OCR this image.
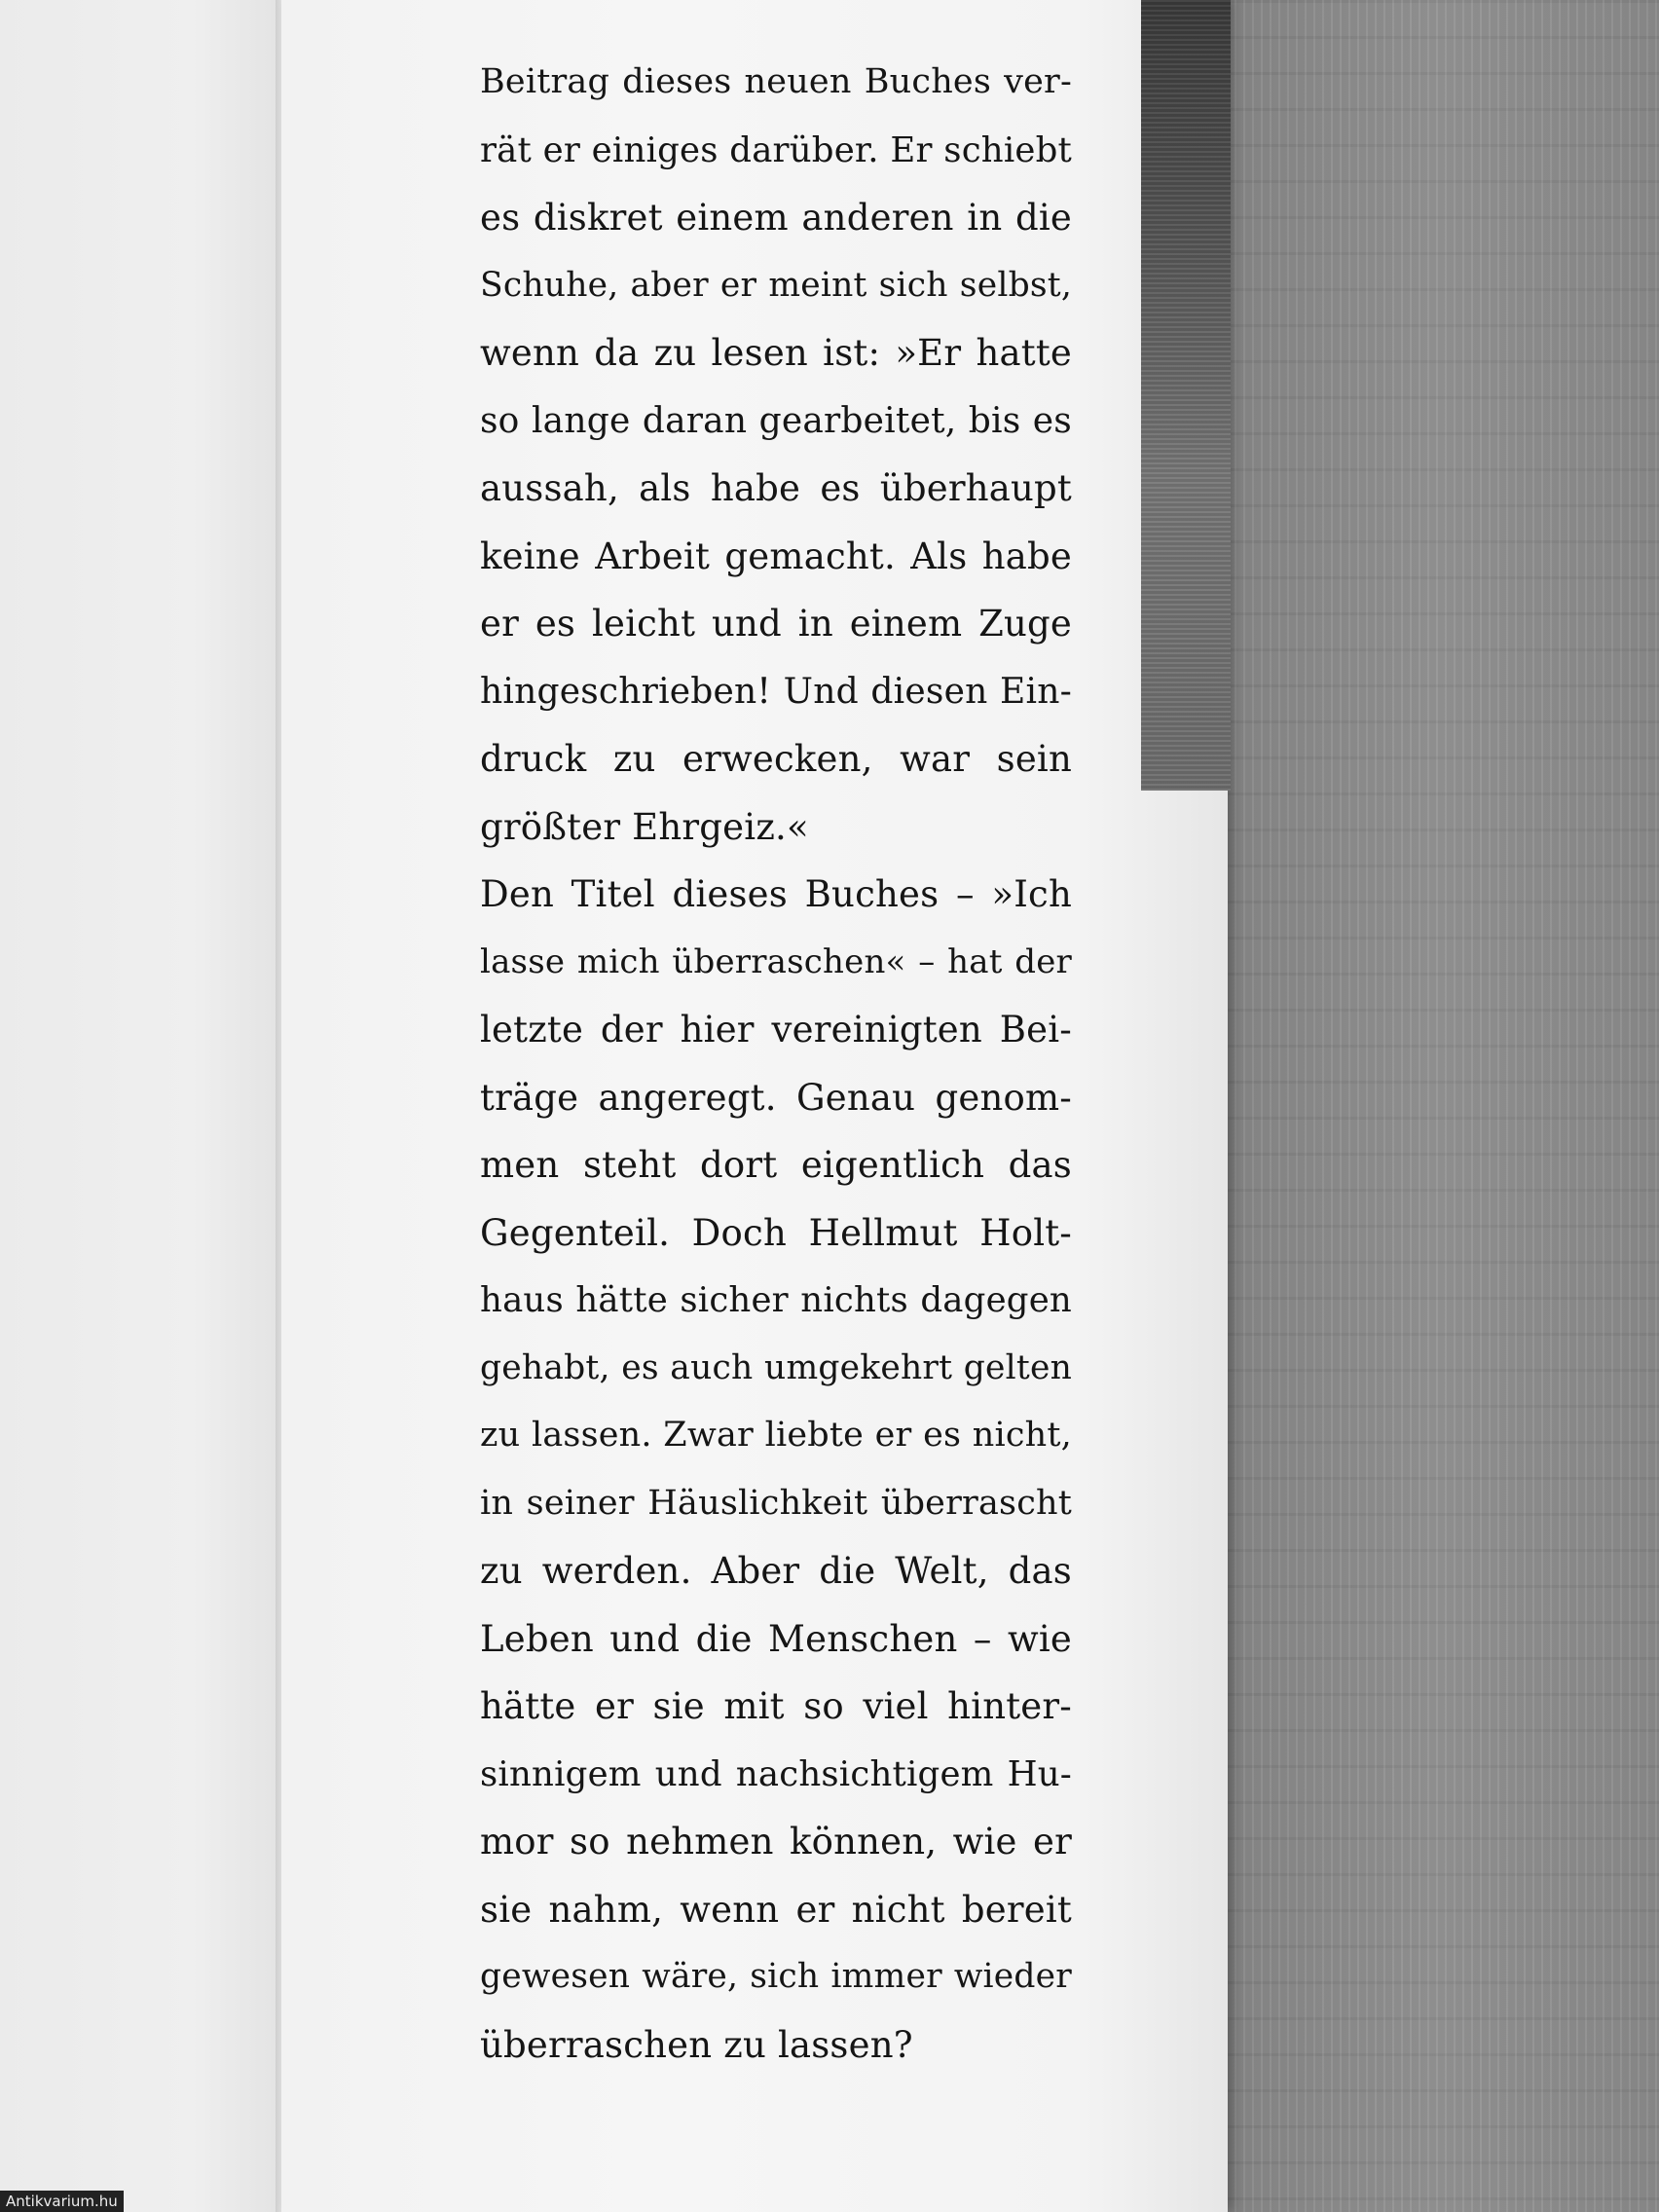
Beitrag dieses neuen Buches ver-
rät er einiges darüber. Er schiebt
es diskret einem anderen in die
Schuhe, aber er meint sich selbst,
wenn da zu lesen ist: »Er hatte
so lange daran gearbeitet, bis es
aussah, als habe es überhaupt
keine Arbeit gemacht. Als habe
er es leicht und in einem Zuge
hingeschrieben! Und diesen Ein-
druck zu erwecken, war sein
größter Ehrgeiz.«
Den Titel dieses Buches – »Ich
lasse mich überraschen« – hat der
letzte der hier vereinigten Bei-
träge angeregt. Genau genom-
men steht dort eigentlich das
Gegenteil. Doch Hellmut Holt-
haus hätte sicher nichts dagegen
gehabt, es auch umgekehrt gelten
zu lassen. Zwar liebte er es nicht,
in seiner Häuslichkeit überrascht
zu werden. Aber die Welt, das
Leben und die Menschen – wie
hätte er sie mit so viel hinter-
sinnigem und nachsichtigem Hu-
mor so nehmen können, wie er
sie nahm, wenn er nicht bereit
gewesen wäre, sich immer wieder
überraschen zu lassen?
Antikvarium.hu
